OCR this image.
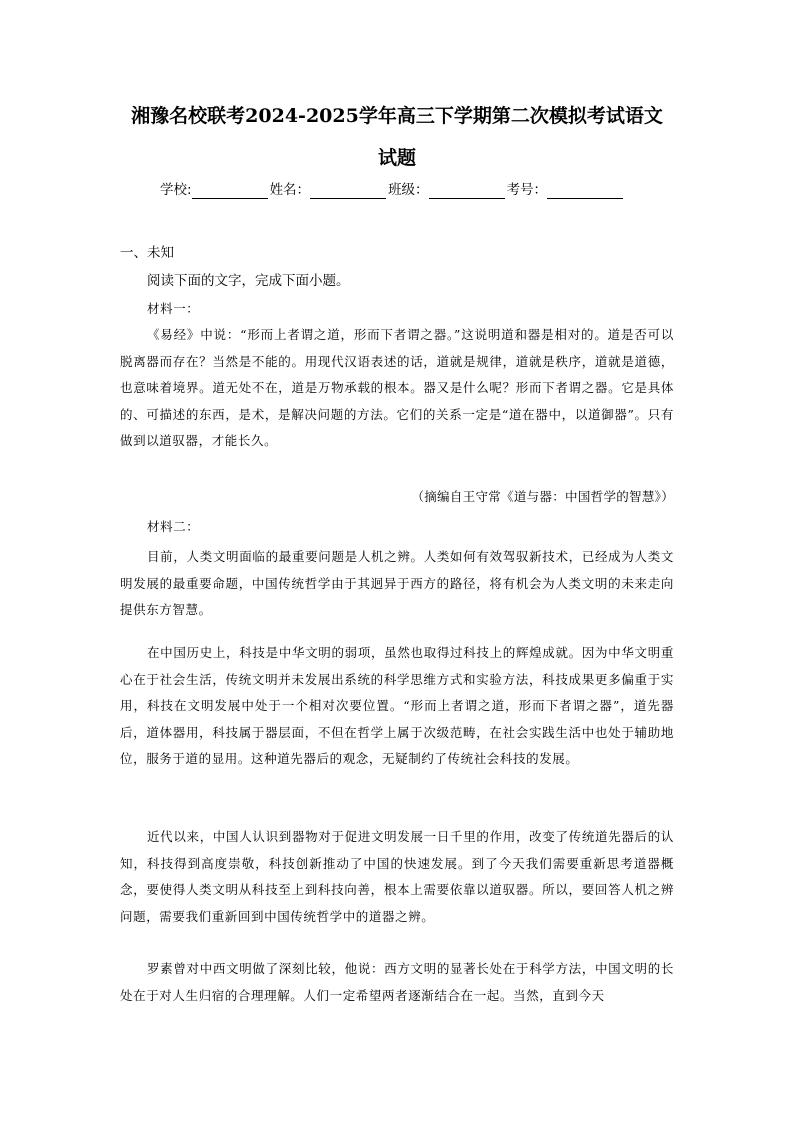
湘豫名校联考2024-2025学年高三下学期第二次模拟考试语文
试题
学校:	姓名：	班级：	考号：
一、未知
阅读下面的文字，完成下面小题。
材料一：

《易经》中说：“形而上者谓之道，形而下者谓之器。”这说明道和器是相对的。道是否可以脱离器而存在？当然是不能的。用现代汉语表述的话，道就是规律，道就是秩序，道就是道德，也意味着境界。道无处不在，道是万物承载的根本。器又是什么呢？形而下者谓之器。它是具体的、可描述的东西，是术，是解决问题的方法。它们的关系一定是“道在器中，以道御器”。只有做到以道驭器，才能长久。

（摘编自王守常《道与器：中国哲学的智慧》）
材料二：

目前，人类文明面临的最重要问题是人机之辨。人类如何有效驾驭新技术，已经成为人类文明发展的最重要命题，中国传统哲学由于其迥异于西方的路径，将有机会为人类文明的未来走向提供东方智慧。

在中国历史上，科技是中华文明的弱项，虽然也取得过科技上的辉煌成就。因为中华文明重心在于社会生活，传统文明并未发展出系统的科学思维方式和实验方法，科技成果更多偏重于实用，科技在文明发展中处于一个相对次要位置。“形而上者谓之道，形而下者谓之器”，道先器后，道体器用，科技属于器层面，不但在哲学上属于次级范畴，在社会实践生活中也处于辅助地位，服务于道的显用。这种道先器后的观念，无疑制约了传统社会科技的发展。

近代以来，中国人认识到器物对于促进文明发展一日千里的作用，改变了传统道先器后的认知，科技得到高度崇敬，科技创新推动了中国的快速发展。到了今天我们需要重新思考道器概念，要使得人类文明从科技至上到科技向善，根本上需要依靠以道驭器。所以，要回答人机之辨问题，需要我们重新回到中国传统哲学中的道器之辨。

罗素曾对中西文明做了深刻比较，他说：西方文明的显著长处在于科学方法，中国文明的长处在于对人生归宿的合理理解。人们一定希望两者逐渐结合在一起。当然，直到今天
